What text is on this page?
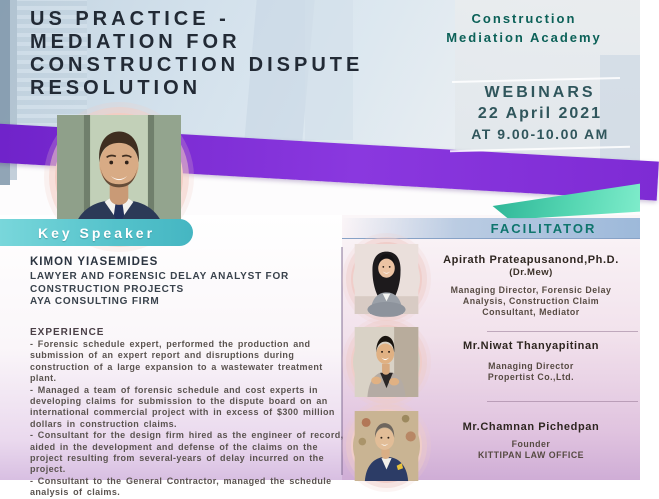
US PRACTICE -
MEDIATION FOR
CONSTRUCTION DISPUTE
RESOLUTION
Construction
Mediation Academy
WEBINARS
22 April 2021
AT 9.00-10.00 AM
Key Speaker
KIMON YIASEMIDES
LAWYER AND FORENSIC DELAY ANALYST FOR CONSTRUCTION PROJECTS
AYA CONSULTING FIRM
EXPERIENCE
- Forensic schedule expert, performed the production and submission of an expert report and disruptions during construction of a large expansion to a wastewater treatment plant.
- Managed a team of forensic schedule and cost experts in developing claims for submission to the dispute board on an international commercial project with in excess of $300 million dollars in construction claims.
- Consultant for the design firm hired as the engineer of record, aided in the development and defense of the claims on the project resulting from several-years of delay incurred on the project.
- Consultant to the General Contractor, managed the schedule analysis of claims.
FACILITATOR
Apirath Prateapusanond,Ph.D.
(Dr.Mew)
Managing Director, Forensic Delay
Analysis, Construction Claim
Consultant, Mediator
Mr.Niwat Thanyapitinan
Managing Director
Propertist Co.,Ltd.
Mr.Chamnan Pichedpan
Founder
KITTIPAN LAW OFFICE
